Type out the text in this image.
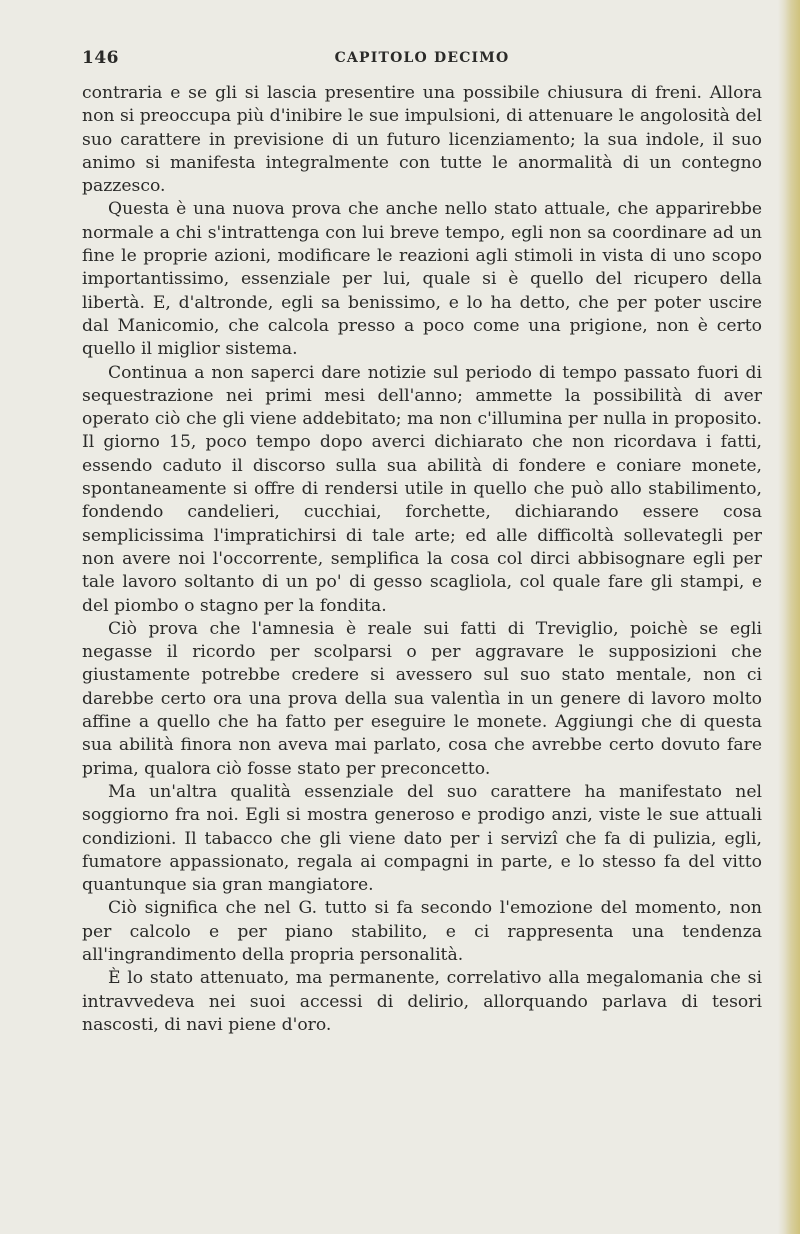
146	CAPITOLO DECIMO

contraria e se gli si lascia presentire una possibile chiusura di freni. Allora non si preoccupa più d'inibire le sue impulsioni, di attenuare le angolosità del suo carattere in previsione di un futuro licenziamento; la sua indole, il suo animo si manifesta integralmente con tutte le anormalità di un contegno pazzesco.

Questa è una nuova prova che anche nello stato attuale, che apparirebbe normale a chi s'intrattenga con lui breve tempo, egli non sa coordinare ad un fine le proprie azioni, modificare le reazioni agli stimoli in vista di uno scopo importantissimo, essenziale per lui, quale si è quello del ricupero della libertà. E, d'altronde, egli sa benissimo, e lo ha detto, che per poter uscire dal Manicomio, che calcola presso a poco come una prigione, non è certo quello il miglior sistema.

Continua a non saperci dare notizie sul periodo di tempo passato fuori di sequestrazione nei primi mesi dell'anno; ammette la possibilità di aver operato ciò che gli viene addebitato; ma non c'illumina per nulla in proposito. Il giorno 15, poco tempo dopo averci dichiarato che non ricordava i fatti, essendo caduto il discorso sulla sua abilità di fondere e coniare monete, spontaneamente si offre di rendersi utile in quello che può allo stabilimento, fondendo candelieri, cucchiai, forchette, dichiarando essere cosa semplicissima l'impratichirsi di tale arte; ed alle difficoltà sollevategli per non avere noi l'occorrente, semplifica la cosa col dirci abbisognare egli per tale lavoro soltanto di un po' di gesso scagliola, col quale fare gli stampi, e del piombo o stagno per la fondita.

Ciò prova che l'amnesia è reale sui fatti di Treviglio, poichè se egli negasse il ricordo per scolparsi o per aggravare le supposizioni che giustamente potrebbe credere si avessero sul suo stato mentale, non ci darebbe certo ora una prova della sua valentìa in un genere di lavoro molto affine a quello che ha fatto per eseguire le monete. Aggiungi che di questa sua abilità finora non aveva mai parlato, cosa che avrebbe certo dovuto fare prima, qualora ciò fosse stato per preconcetto.

Ma un'altra qualità essenziale del suo carattere ha manifestato nel soggiorno fra noi. Egli si mostra generoso e prodigo anzi, viste le sue attuali condizioni. Il tabacco che gli viene dato per i servizî che fa di pulizia, egli, fumatore appassionato, regala ai compagni in parte, e lo stesso fa del vitto quantunque sia gran mangiatore.

Ciò significa che nel G. tutto si fa secondo l'emozione del momento, non per calcolo e per piano stabilito, e ci rappresenta una tendenza all'ingrandimento della propria personalità.

È lo stato attenuato, ma permanente, correlativo alla megalomania che si intravvedeva nei suoi accessi di delirio, allorquando parlava di tesori nascosti, di navi piene d'oro.
